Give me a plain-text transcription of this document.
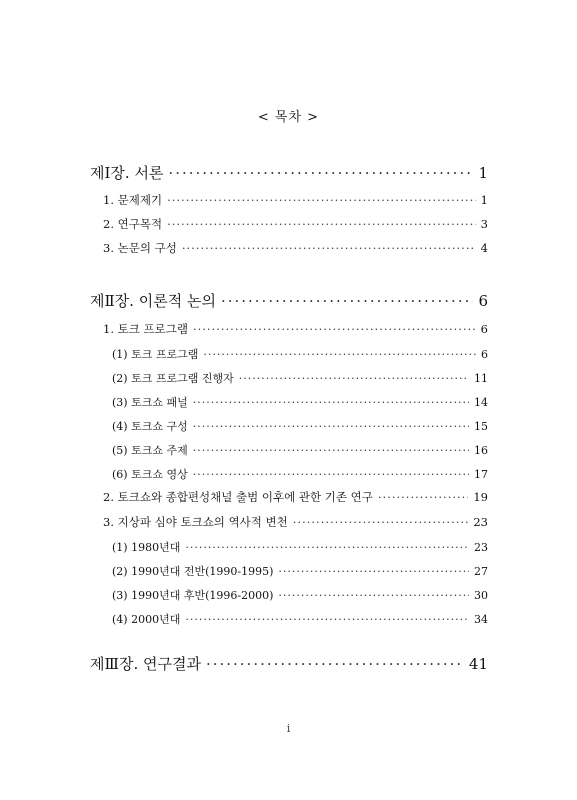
< 목차 >
제Ⅰ장. 서론 ·····	1
1. 문제제기 ·····	1
2. 연구목적 ·····	3
3. 논문의 구성 ·····	4
제Ⅱ장. 이론적 논의 ·····	6
1. 토크 프로그램 ·····	6
(1) 토크 프로그램 ·····	6
(2) 토크 프로그램 진행자 ·····	11
(3) 토크쇼 패널 ·····	14
(4) 토크쇼 구성 ·····	15
(5) 토크쇼 주제 ·····	16
(6) 토크쇼 영상 ·····	17
2. 토크쇼와 종합편성채널 출범 이후에 관한 기존 연구 ·····	19
3. 지상파 심야 토크쇼의 역사적 변천 ·····	23
(1) 1980년대 ·····	23
(2) 1990년대 전반(1990-1995) ·····	27
(3) 1990년대 후반(1996-2000) ·····	30
(4) 2000년대 ·····	34
제Ⅲ장. 연구결과 ·····	41
i
